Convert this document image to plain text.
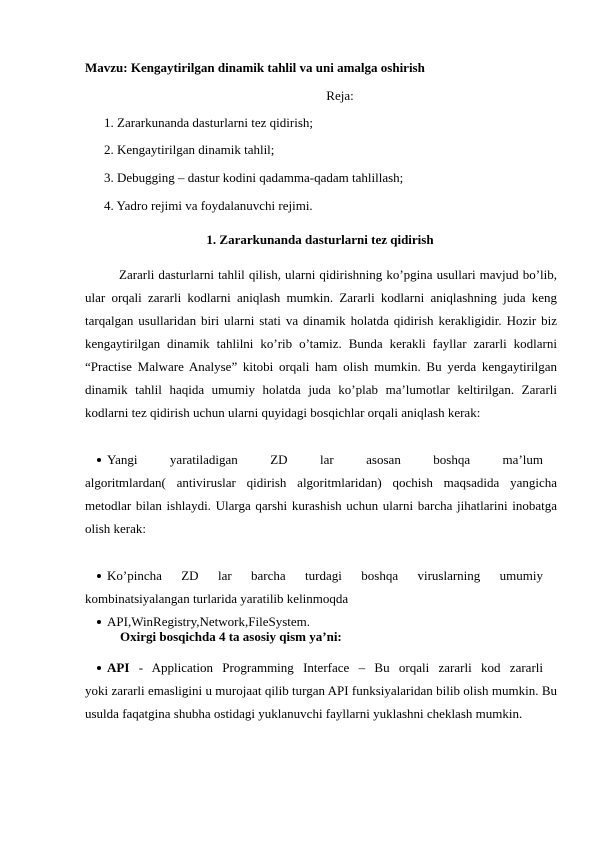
Mavzu: Kengaytirilgan dinamik tahlil va uni amalga oshirish
Reja:
1. Zararkunanda dasturlarni tez qidirish;
2. Kengaytirilgan dinamik tahlil;
3. Debugging – dastur kodini qadamma-qadam tahlillash;
4. Yadro rejimi va foydalanuvchi rejimi.
1. Zararkunanda dasturlarni tez qidirish
Zararli dasturlarni tahlil qilish, ularni qidirishning ko’pgina usullari mavjud bo’lib, ular orqali zararli kodlarni aniqlash mumkin. Zararli kodlarni aniqlashning juda keng tarqalgan usullaridan biri ularni stati va dinamik holatda qidirish kerakligidir. Hozir biz kengaytirilgan dinamik tahlilni ko’rib o’tamiz. Bunda kerakli fayllar zararli kodlarni “Practise Malware Analyse” kitobi orqali ham olish mumkin. Bu yerda kengaytirilgan dinamik tahlil haqida umumiy holatda juda ko’plab ma’lumotlar keltirilgan. Zararli kodlarni tez qidirish uchun ularni quyidagi bosqichlar orqali aniqlash kerak:
Yangi yaratiladigan ZD lar asosan boshqa ma’lum
algoritmlardan( antiviruslar qidirish algoritmlaridan) qochish maqsadida yangicha metodlar bilan ishlaydi. Ularga qarshi kurashish uchun ularni barcha jihatlarini inobatga olish kerak:
Ko’pincha ZD lar barcha turdagi boshqa viruslarning umumiy
kombinatsiyalangan turlarida yaratilib kelinmoqda
API,WinRegistry,Network,FileSystem.
Oxirgi bosqichda 4 ta asosiy qism ya’ni:
API - Application Programming Interface – Bu orqali zararli kod zararli
yoki zararli emasligini u murojaat qilib turgan API funksiyalaridan bilib olish mumkin. Bu usulda faqatgina shubha ostidagi yuklanuvchi fayllarni yuklashni cheklash mumkin.
